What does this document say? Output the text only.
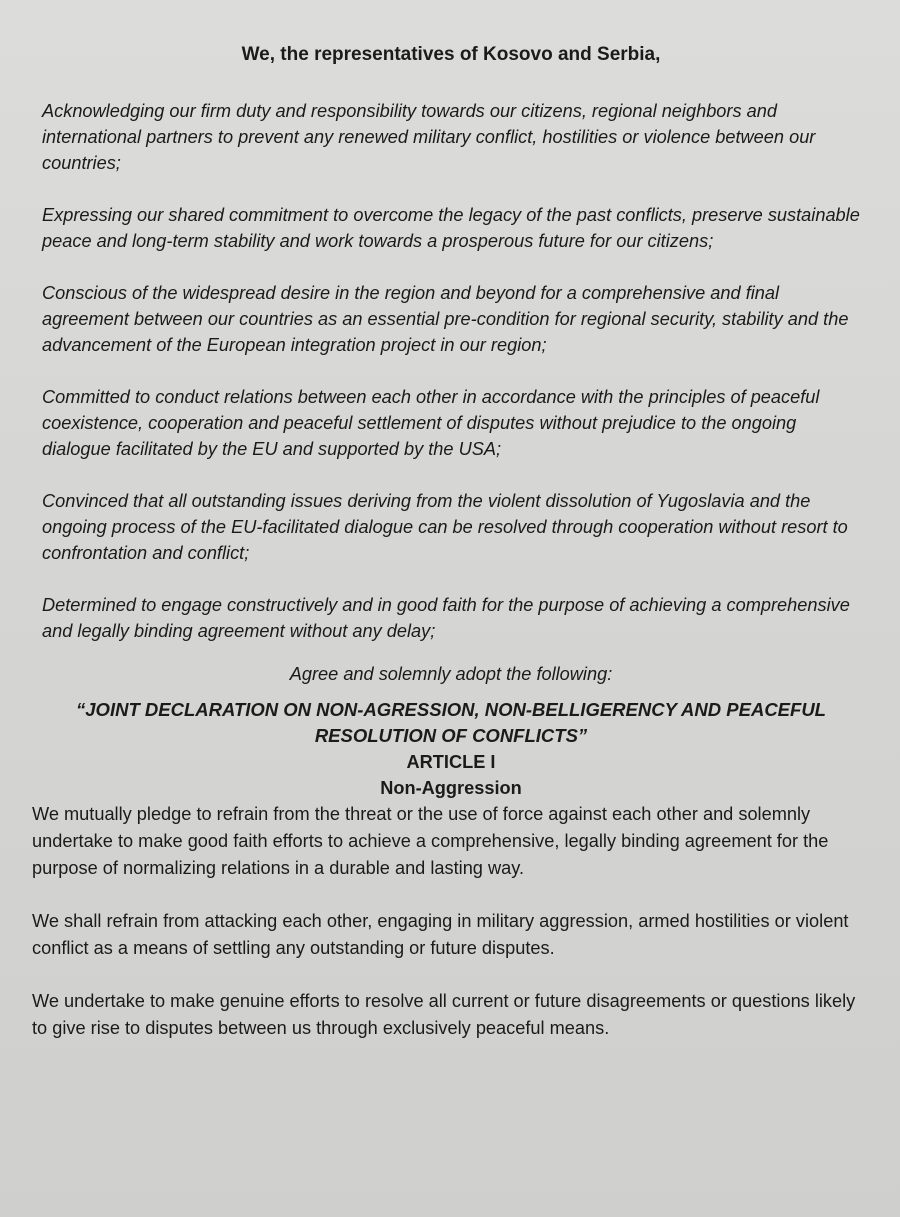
We, the representatives of Kosovo and Serbia,

Acknowledging our firm duty and responsibility towards our citizens, regional neighbors and international partners to prevent any renewed military conflict, hostilities or violence between our countries;

Expressing our shared commitment to overcome the legacy of the past conflicts, preserve sustainable peace and long-term stability and work towards a prosperous future for our citizens;

Conscious of the widespread desire in the region and beyond for a comprehensive and final agreement between our countries as an essential pre-condition for regional security, stability and the advancement of the European integration project in our region;

Committed to conduct relations between each other in accordance with the principles of peaceful coexistence, cooperation and peaceful settlement of disputes without prejudice to the ongoing dialogue facilitated by the EU and supported by the USA;

Convinced that all outstanding issues deriving from the violent dissolution of Yugoslavia and the ongoing process of the EU-facilitated dialogue can be resolved through cooperation without resort to confrontation and conflict;

Determined to engage constructively and in good faith for the purpose of achieving a comprehensive and legally binding agreement without any delay;

Agree and solemnly adopt the following:
“JOINT DECLARATION ON NON-AGRESSION, NON-BELLIGERENCY AND PEACEFUL RESOLUTION OF CONFLICTS”
ARTICLE I
Non-Aggression

We mutually pledge to refrain from the threat or the use of force against each other and solemnly undertake to make good faith efforts to achieve a comprehensive, legally binding agreement for the purpose of normalizing relations in a durable and lasting way.

We shall refrain from attacking each other, engaging in military aggression, armed hostilities or violent conflict as a means of settling any outstanding or future disputes.

We undertake to make genuine efforts to resolve all current or future disagreements or questions likely to give rise to disputes between us through exclusively peaceful means.
